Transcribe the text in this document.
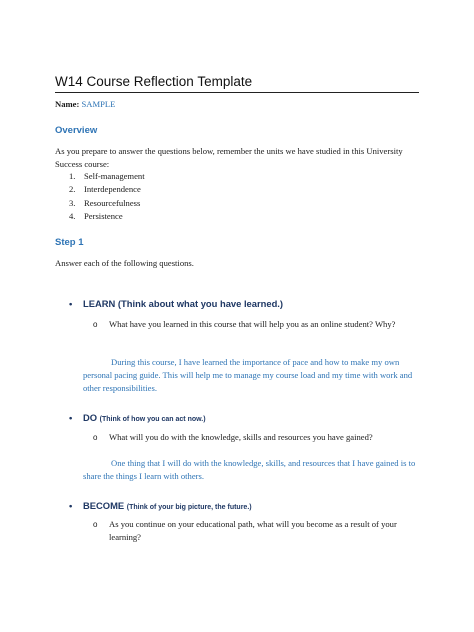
W14 Course Reflection Template
Name: SAMPLE
Overview
As you prepare to answer the questions below, remember the units we have studied in this University Success course:
1. Self-management
2. Interdependence
3. Resourcefulness
4. Persistence
Step 1
Answer each of the following questions.
• LEARN (Think about what you have learned.)
o What have you learned in this course that will help you as an online student? Why?
During this course, I have learned the importance of pace and how to make my own personal pacing guide. This will help me to manage my course load and my time with work and other responsibilities.
• DO (Think of how you can act now.)
o What will you do with the knowledge, skills and resources you have gained?
One thing that I will do with the knowledge, skills, and resources that I have gained is to share the things I learn with others.
• BECOME (Think of your big picture, the future.)
o As you continue on your educational path, what will you become as a result of your learning?
